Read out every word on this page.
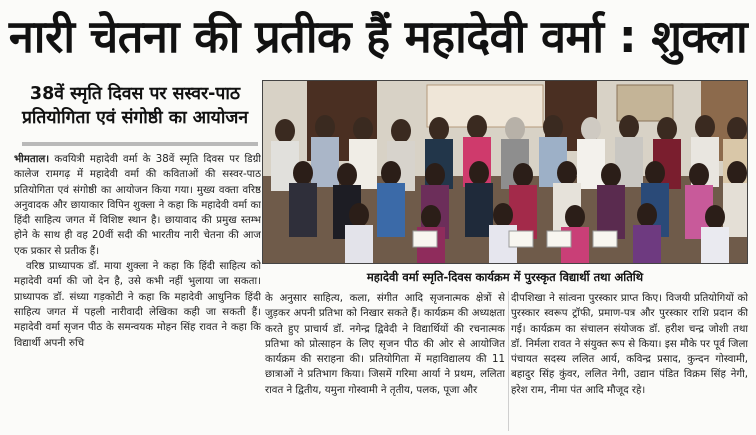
नारी चेतना की प्रतीक हैं महादेवी वर्मा : शुक्ला
38वें स्मृति दिवस पर सस्वर-पाठ प्रतियोगिता एवं संगोष्ठी का आयोजन

भीमताल। कवयित्री महादेवी वर्मा के 38वें स्मृति दिवस पर डिग्री कालेज रामगढ़ में महादेवी वर्मा की कविताओं की सस्वर-पाठ प्रतियोगिता एवं संगोष्ठी का आयोजन किया गया। मुख्य वक्ता वरिष्ठ अनुवादक और छायाकार विपिन शुक्ला ने कहा कि महादेवी वर्मा का हिंदी साहित्य जगत में विशिष्ट स्थान है। छायावाद की प्रमुख स्तम्भ होने के साथ ही वह 20वीं सदी की भारतीय नारी चेतना की आज एक प्रकार से प्रतीक हैं।

वरिष्ठ प्राध्यापक डॉ. माया शुक्ला ने कहा कि हिंदी साहित्य को महादेवी वर्मा की जो देन है, उसे कभी नहीं भुलाया जा सकता। प्राध्यापक डॉ. संध्या गड़कोटी ने कहा कि महादेवी आधुनिक हिंदी साहित्य जगत में पहली नारीवादी लेखिका कही जा सकती हैं। महादेवी वर्मा सृजन पीठ के समन्वयक मोहन सिंह रावत ने कहा कि विद्यार्थी अपनी रुचि

महादेवी वर्मा स्मृति-दिवस कार्यक्रम में पुरस्कृत विद्यार्थी तथा अतिथि
के अनुसार साहित्य, कला, संगीत आदि सृजनात्मक क्षेत्रों से जुड़कर अपनी प्रतिभा को निखार सकते हैं। कार्यक्रम की अध्यक्षता करते हुए प्राचार्य डॉ. नगेन्द्र द्विवेदी ने विद्यार्थियों की रचनात्मक प्रतिभा को प्रोत्साहन के लिए सृजन पीठ की ओर से आयोजित कार्यक्रम की सराहना की। प्रतियोगिता में महाविद्यालय की 11 छात्राओं ने प्रतिभाग किया। जिसमें गरिमा आर्या ने प्रथम, ललिता रावत ने द्वितीय, यमुना गोस्वामी ने तृतीय, पलक, पूजा और
दीपशिखा ने सांत्वना पुरस्कार प्राप्त किए। विजयी प्रतियोगियों को पुरस्कार स्वरूप ट्रॉफी, प्रमाण-पत्र और पुरस्कार राशि प्रदान की गई। कार्यक्रम का संचालन संयोजक डॉ. हरीश चन्द्र जोशी तथा डॉ. निर्मला रावत ने संयुक्त रूप से किया। इस मौके पर पूर्व जिला पंचायत सदस्य ललित आर्य, कविन्द्र प्रसाद, कुन्दन गोस्वामी, बहादुर सिंह कुंवर, ललित नेगी, उद्यान पंडित विक्रम सिंह नेगी, हरेश राम, नीमा पंत आदि मौजूद रहे।
